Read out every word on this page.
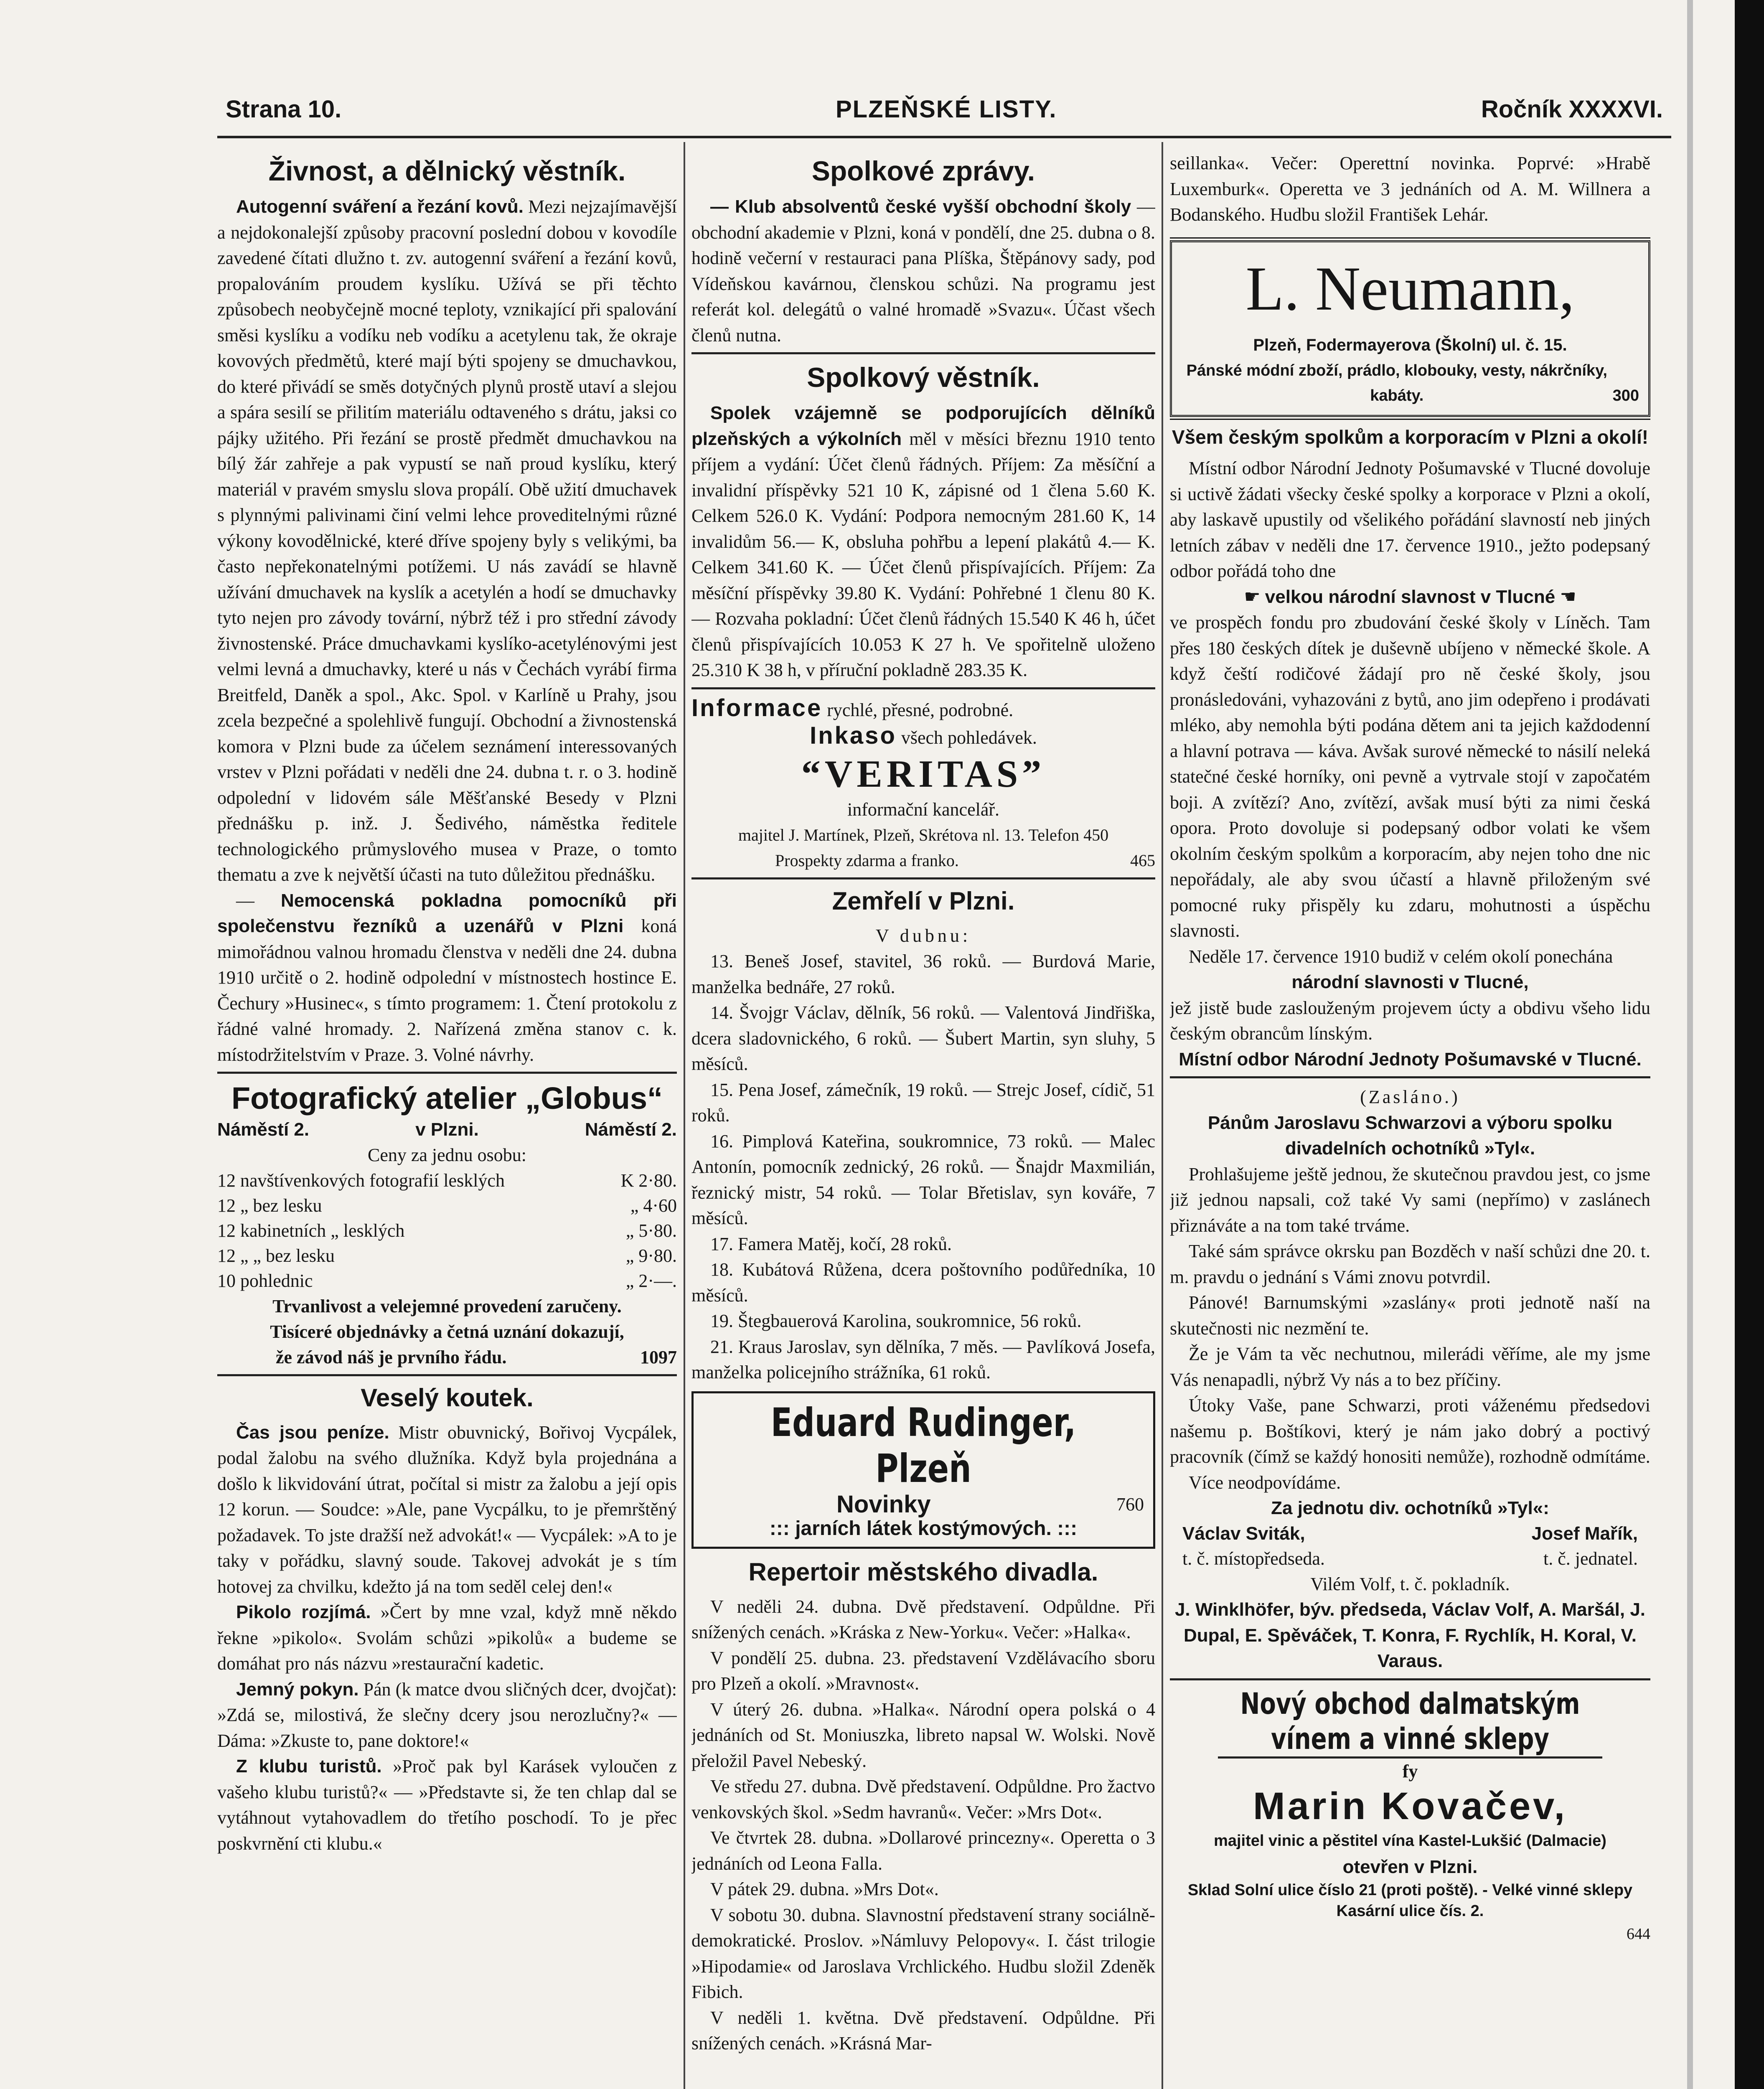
Strana 10.	PLZEŇSKÉ LISTY.	Ročník XXXXVI.
Živnost, a dělnický věstník.

Autogenní sváření a řezání kovů. Mezi nejzajímavější a nejdokonalejší způsoby pracovní poslední dobou v kovodíle zavedené čítati dlužno t. zv. autogenní sváření a řezání kovů, propalováním proudem kyslíku. Užívá se při těchto způsobech neobyčejně mocné teploty, vznikající při spalování směsi kyslíku a vodíku neb vodíku a acetylenu tak, že okraje kovových předmětů, které mají býti spojeny se dmuchavkou, do které přivádí se směs dotyčných plynů prostě utaví a slejou a spára sesilí se přilitím materiálu odtaveného s drátu, jaksi co pájky užitého. Při řezání se prostě předmět dmuchavkou na bílý žár zahřeje a pak vypustí se naň proud kyslíku, který materiál v pravém smyslu slova propálí. Obě užití dmuchavek s plynnými palivinami činí velmi lehce proveditelnými různé výkony kovodělnické, které dříve spojeny byly s velikými, ba často nepřekonatelnými potížemi. U nás zavádí se hlavně užívání dmuchavek na kyslík a acetylén a hodí se dmuchavky tyto nejen pro závody tovární, nýbrž též i pro střední závody živnostenské. Práce dmuchavkami kyslíko-acetylénovými jest velmi levná a dmuchavky, které u nás v Čechách vyrábí firma Breitfeld, Daněk a spol., Akc. Spol. v Karlíně u Prahy, jsou zcela bezpečné a spolehlivě fungují. Obchodní a živnostenská komora v Plzni bude za účelem seznámení interessovaných vrstev v Plzni pořádati v neděli dne 24. dubna t. r. o 3. hodině odpolední v lidovém sále Měšťanské Besedy v Plzni přednášku p. inž. J. Šedivého, náměstka ředitele technologického průmyslového musea v Praze, o tomto thematu a zve k největší účasti na tuto důležitou přednášku.

— Nemocenská pokladna pomocníků při společenstvu řezníků a uzenářů v Plzni koná mimořádnou valnou hromadu členstva v neděli dne 24. dubna 1910 určitě o 2. hodině odpolední v místnostech hostince E. Čechury »Husinec«, s tímto programem: 1. Čtení protokolu z řádné valné hromady. 2. Nařízená změna stanov c. k. místodržitelstvím v Praze. 3. Volné návrhy.

Fotografický atelier „Globus“
Náměstí 2.	v Plzni.	Náměstí 2.

Ceny za jednu osobu:

12 navštívenkových fotografií lesklých	K 2·80.
12 „ bez lesku	„ 4·60
12 kabinetních „ lesklých	„ 5·80.
12 „ „ bez lesku	„ 9·80.
10 pohlednic	„ 2·—.

Trvanlivost a velejemné provedení zaručeny.

Tisíceré objednávky a četná uznání dokazují,

že závod náš je prvního řádu.	1097
Veselý koutek.

Čas jsou peníze. Mistr obuvnický, Bořivoj Vycpálek, podal žalobu na svého dlužníka. Když byla projednána a došlo k likvidování útrat, počítal si mistr za žalobu a její opis 12 korun. — Soudce: »Ale, pane Vycpálku, to je přemrštěný požadavek. To jste dražší než advokát!« — Vycpálek: »A to je taky v pořádku, slavný soude. Takovej advokát je s tím hotovej za chvilku, kdežto já na tom seděl celej den!«

Pikolo rozjímá. »Čert by mne vzal, když mně někdo řekne »pikolo«. Svolám schůzi »pikolů« a budeme se domáhat pro nás názvu »restaurační kadetic.

Jemný pokyn. Pán (k matce dvou sličných dcer, dvojčat): »Zdá se, milostivá, že slečny dcery jsou nerozlučny?« — Dáma: »Zkuste to, pane doktore!«

Z klubu turistů. »Proč pak byl Karásek vyloučen z vašeho klubu turistů?« — »Představte si, že ten chlap dal se vytáhnout vytahovadlem do třetího poschodí. To je přec poskvrnění cti klubu.«

Spolkové zprávy.

— Klub absolventů české vyšší obchodní školy — obchodní akademie v Plzni, koná v pondělí, dne 25. dubna o 8. hodině večerní v restauraci pana Plíška, Štěpánovy sady, pod Vídeňskou kavárnou, členskou schůzi. Na programu jest referát kol. delegátů o valné hromadě »Svazu«. Účast všech členů nutna.

Spolkový věstník.

Spolek vzájemně se podporujících dělníků plzeňských a výkolních měl v měsíci březnu 1910 tento příjem a vydání: Účet členů řádných. Příjem: Za měsíční a invalidní příspěvky 521 10 K, zápisné od 1 člena 5.60 K. Celkem 526.0 K. Vydání: Podpora nemocným 281.60 K, 14 invalidům 56.— K, obsluha pohřbu a lepení plakátů 4.— K. Celkem 341.60 K. — Účet členů přispívajících. Příjem: Za měsíční příspěvky 39.80 K. Vydání: Pohřebné 1 členu 80 K. — Rozvaha pokladní: Účet členů řádných 15.540 K 46 h, účet členů přispívajících 10.053 K 27 h. Ve spořitelně uloženo 25.310 K 38 h, v příruční pokladně 283.35 K.

Informace rychlé, přesné, podrobné.

Inkaso všech pohledávek.

“VERITAS”

informační kancelář.

majitel J. Martínek, Plzeň, Skrétova nl. 13. Telefon 450

Prospekty zdarma a franko.	465
Zemřelí v Plzni.

V dubnu:

13. Beneš Josef, stavitel, 36 roků. — Burdová Marie, manželka bednáře, 27 roků.

14. Švojgr Václav, dělník, 56 roků. — Valentová Jindřiška, dcera sladovnického, 6 roků. — Šubert Martin, syn sluhy, 5 měsíců.

15. Pena Josef, zámečník, 19 roků. — Strejc Josef, cídič, 51 roků.

16. Pimplová Kateřina, soukromnice, 73 roků. — Malec Antonín, pomocník zednický, 26 roků. — Šnajdr Maxmilián, řeznický mistr, 54 roků. — Tolar Břetislav, syn kováře, 7 měsíců.

17. Famera Matěj, kočí, 28 roků.

18. Kubátová Růžena, dcera poštovního podůředníka, 10 měsíců.

19. Štegbauerová Karolina, soukromnice, 56 roků.

21. Kraus Jaroslav, syn dělníka, 7 měs. — Pavlíková Josefa, manželka policejního strážníka, 61 roků.

Eduard Rudinger, Plzeň
Novinky	760
::: jarních látek kostýmových. :::
Repertoir městského divadla.

V neděli 24. dubna. Dvě představení. Odpůldne. Při snížených cenách. »Kráska z New-Yorku«. Večer: »Halka«.

V pondělí 25. dubna. 23. představení Vzdělávacího sboru pro Plzeň a okolí. »Mravnost«.

V úterý 26. dubna. »Halka«. Národní opera polská o 4 jednáních od St. Moniuszka, libreto napsal W. Wolski. Nově přeložil Pavel Nebeský.

Ve středu 27. dubna. Dvě představení. Odpůldne. Pro žactvo venkovských škol. »Sedm havranů«. Večer: »Mrs Dot«.

Ve čtvrtek 28. dubna. »Dollarové princezny«. Operetta o 3 jednáních od Leona Falla.

V pátek 29. dubna. »Mrs Dot«.

V sobotu 30. dubna. Slavnostní představení strany sociálně-demokratické. Proslov. »Námluvy Pelopovy«. I. část trilogie »Hipodamie« od Jaroslava Vrchlického. Hudbu složil Zdeněk Fibich.

V neděli 1. května. Dvě představení. Odpůldne. Při snížených cenách. »Krásná Mar-

seillanka«. Večer: Operettní novinka. Poprvé: »Hrabě Luxemburk«. Operetta ve 3 jednáních od A. M. Willnera a Bodanského. Hudbu složil František Lehár.

L. Neumann,

Plzeň, Fodermayerova (Školní) ul. č. 15.

Pánské módní zboží, prádlo, klobouky, vesty, nákrčníky, kabáty.	300
Všem českým spolkům a korporacím v Plzni a okolí!

Místní odbor Národní Jednoty Pošumavské v Tlucné dovoluje si uctivě žádati všecky české spolky a korporace v Plzni a okolí, aby laskavě upustily od všelikého pořádání slavností neb jiných letních zábav v neděli dne 17. července 1910., ježto podepsaný odbor pořádá toho dne

☛ velkou národní slavnost v Tlucné ☚

ve prospěch fondu pro zbudování české školy v Líněch. Tam přes 180 českých dítek je duševně ubíjeno v německé škole. A když čeští rodičové žádají pro ně české školy, jsou pronásledováni, vyhazováni z bytů, ano jim odepřeno i prodávati mléko, aby nemohla býti podána dětem ani ta jejich každodenní a hlavní potrava — káva. Avšak surové německé to násilí neleká statečné české horníky, oni pevně a vytrvale stojí v započatém boji. A zvítězí? Ano, zvítězí, avšak musí býti za nimi česká opora. Proto dovoluje si podepsaný odbor volati ke všem okolním českým spolkům a korporacím, aby nejen toho dne nic nepořádaly, ale aby svou účastí a hlavně přiloženým své pomocné ruky přispěly ku zdaru, mohutnosti a úspěchu slavnosti.

Neděle 17. července 1910 budiž v celém okolí ponechána

národní slavnosti v Tlucné,

jež jistě bude zaslouženým projevem úcty a obdivu všeho lidu českým obrancům línským.

Místní odbor Národní Jednoty Pošumavské v Tlucné.

(Zasláno.)

Pánům Jaroslavu Schwarzovi a výboru spolku divadelních ochotníků »Tyl«.

Prohlašujeme ještě jednou, že skutečnou pravdou jest, co jsme již jednou napsali, což také Vy sami (nepřímo) v zaslánech přiznáváte a na tom také trváme.

Také sám správce okrsku pan Bozděch v naší schůzi dne 20. t. m. pravdu o jednání s Vámi znovu potvrdil.

Pánové! Barnumskými »zaslány« proti jednotě naší na skutečnosti nic nezmění te.

Že je Vám ta věc nechutnou, milerádi věříme, ale my jsme Vás nenapadli, nýbrž Vy nás a to bez příčiny.

Útoky Vaše, pane Schwarzi, proti váženému předsedovi našemu p. Boštíkovi, který je nám jako dobrý a poctivý pracovník (čímž se každý honositi nemůže), rozhodně odmítáme.

Více neodpovídáme.

Za jednotu div. ochotníků »Tyl«:

Václav Sviták,	Josef Mařík,
t. č. místopředseda.	t. č. jednatel.

Vilém Volf, t. č. pokladník.

J. Winklhöfer, býv. předseda, Václav Volf, A. Maršál, J. Dupal, E. Spěváček, T. Konra, F. Rychlík, H. Koral, V. Varaus.

Nový obchod dalmatským vínem a vinné sklepy

fy

Marin Kovačev,

majitel vinic a pěstitel vína Kastel-Lukšić (Dalmacie)

otevřen v Plzni.

Sklad Solní ulice číslo 21 (proti poště). - Velké vinné sklepy Kasární ulice čís. 2.

644
